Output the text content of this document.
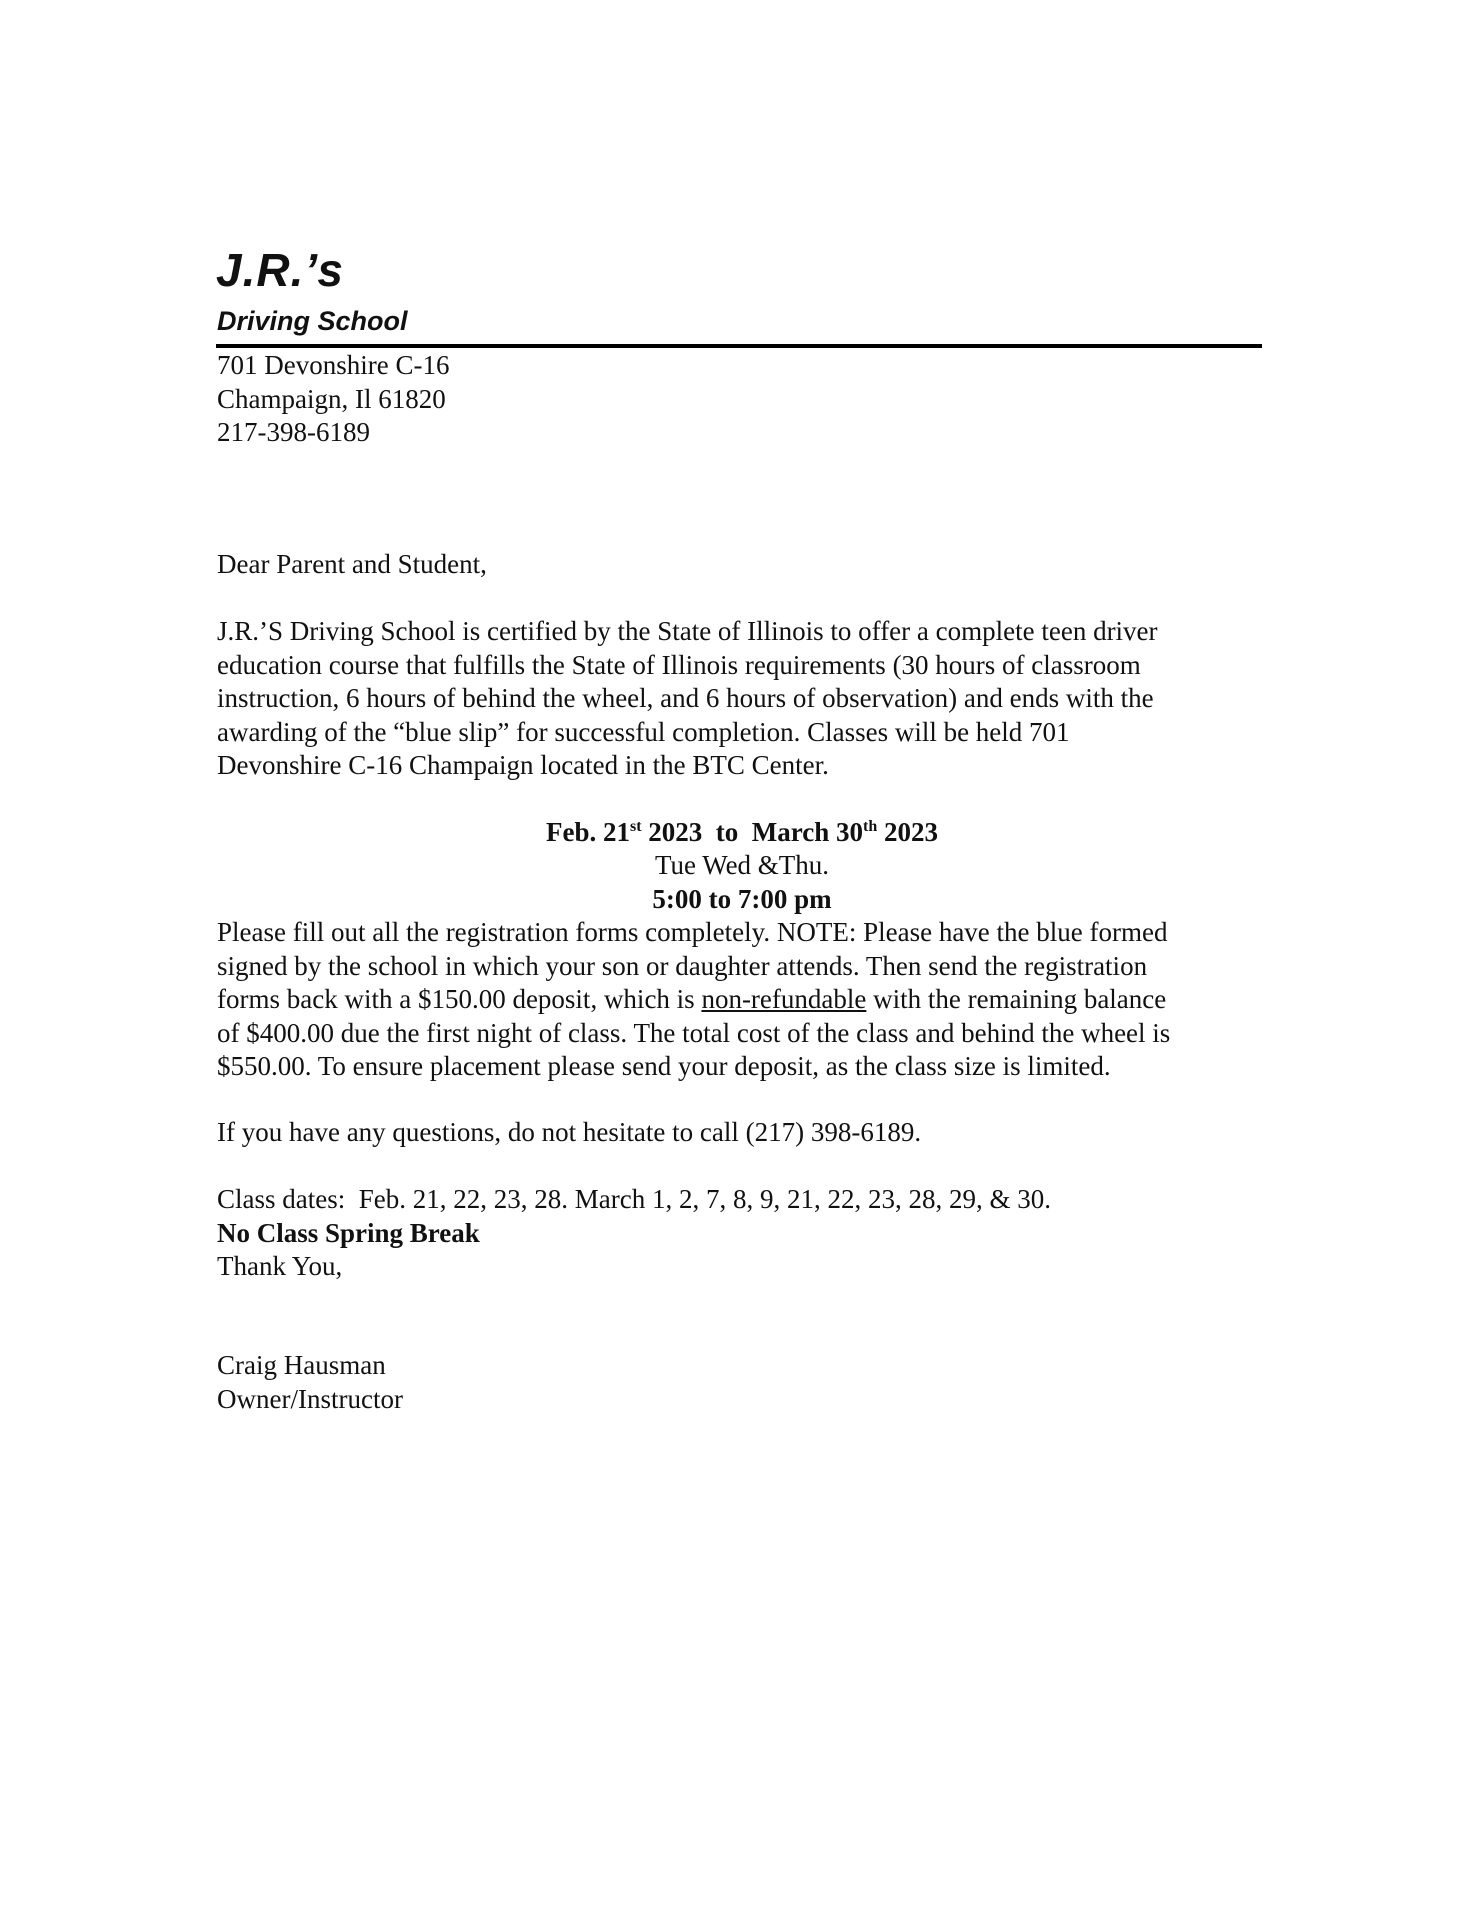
J.R.’s
Driving School
701 Devonshire C-16
Champaign, Il 61820
217-398-6189
Dear Parent and Student,
J.R.’S Driving School is certified by the State of Illinois to offer a complete teen driver
education course that fulfills the State of Illinois requirements (30 hours of classroom
instruction, 6 hours of behind the wheel, and 6 hours of observation) and ends with the
awarding of the “blue slip” for successful completion. Classes will be held 701
Devonshire C-16 Champaign located in the BTC Center.
Feb. 21st 2023  to  March 30th 2023
Tue Wed &Thu.
5:00 to 7:00 pm
Please fill out all the registration forms completely. NOTE: Please have the blue formed
signed by the school in which your son or daughter attends. Then send the registration
forms back with a $150.00 deposit, which is non-refundable with the remaining balance
of $400.00 due the first night of class. The total cost of the class and behind the wheel is
$550.00. To ensure placement please send your deposit, as the class size is limited.
If you have any questions, do not hesitate to call (217) 398-6189.
Class dates:  Feb. 21, 22, 23, 28. March 1, 2, 7, 8, 9, 21, 22, 23, 28, 29, & 30.
No Class Spring Break
Thank You,
Craig Hausman
Owner/Instructor
